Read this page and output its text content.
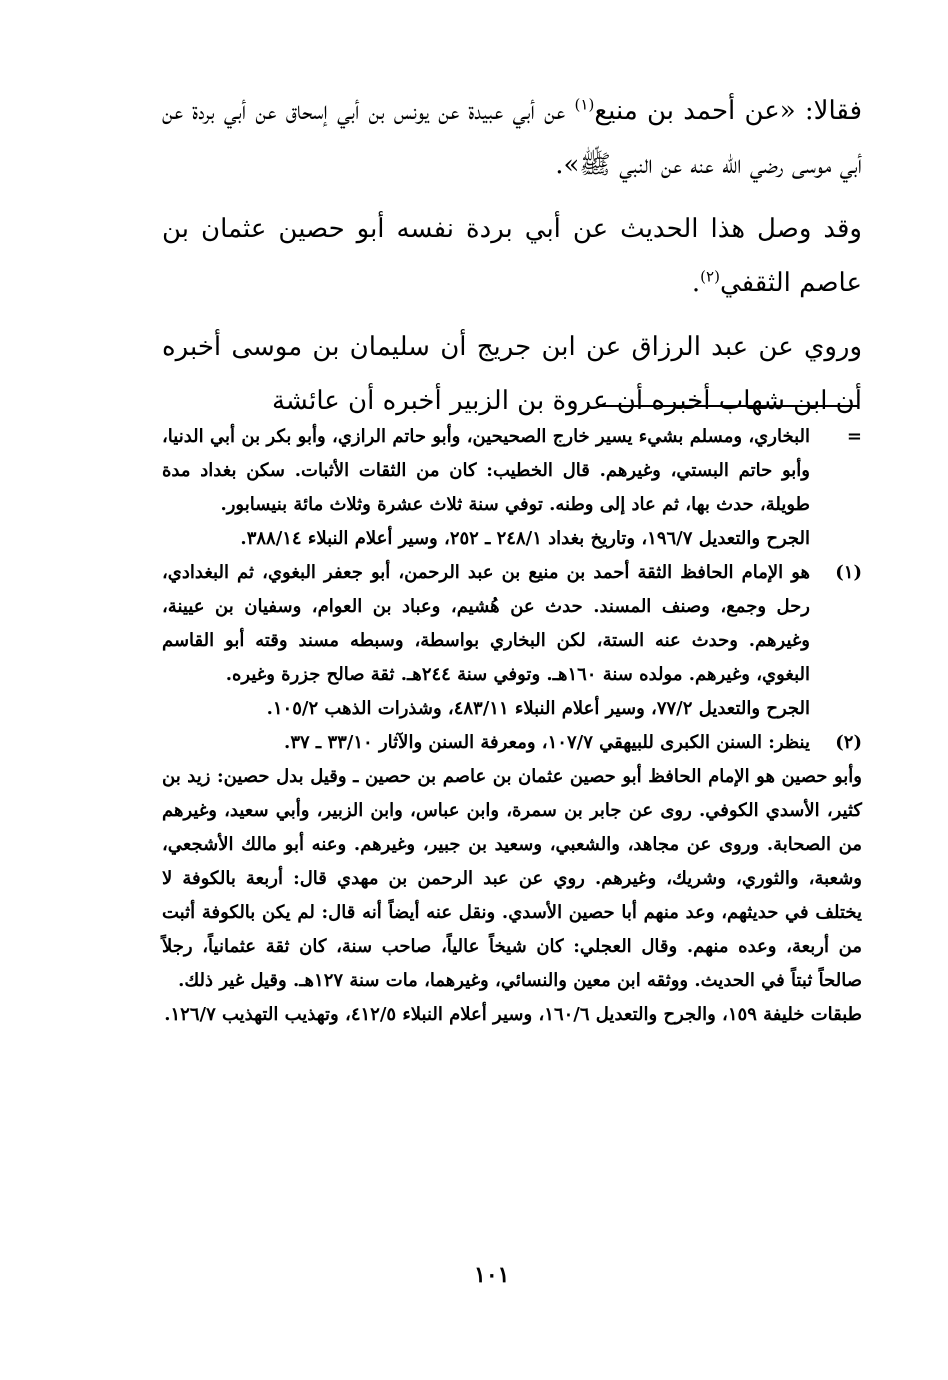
فقالا: «عن أحمد بن منيع$^{(١)}$ عن أبي عبيدة عن يونس بن أبي إسحاق عن أبي بردة عن أبي موسى رضي الله عنه عن النبي ﷺ».

وقد وصل هذا الحديث عن أبي بردة نفسه أبو حصين عثمان بن عاصم الثقفي$^{(٢)}$.

وروي عن عبد الرزاق عن ابن جريج أن سليمان بن موسى أخبره أن ابن شهاب أخبره أن عروة بن الزبير أخبره أن عائشة

=
البخاري، ومسلم بشيء يسير خارج الصحيحين، وأبو حاتم الرازي، وأبو بكر بن أبي الدنيا، وأبو حاتم البستي، وغيرهم. قال الخطيب: كان من الثقات الأثبات. سكن بغداد مدة طويلة، حدث بها، ثم عاد إلى وطنه. توفي سنة ثلاث عشرة وثلاث مائة بنيسابور.
الجرح والتعديل ١٩٦/٧، وتاريخ بغداد ٢٤٨/١ ـ ٢٥٢، وسير أعلام النبلاء ٣٨٨/١٤.
(١)
هو الإمام الحافظ الثقة أحمد بن منيع بن عبد الرحمن، أبو جعفر البغوي، ثم البغدادي، رحل وجمع، وصنف المسند. حدث عن هُشيم، وعباد بن العوام، وسفيان بن عيينة، وغيرهم. وحدث عنه الستة، لكن البخاري بواسطة، وسبطه مسند وقته أبو القاسم البغوي، وغيرهم. مولده سنة ١٦٠هـ. وتوفي سنة ٢٤٤هـ. ثقة صالح جزرة وغيره.
الجرح والتعديل ٧٧/٢، وسير أعلام النبلاء ٤٨٣/١١، وشذرات الذهب ١٠٥/٢.
(٢)
ينظر: السنن الكبرى للبيهقي ١٠٧/٧، ومعرفة السنن والآثار ٣٣/١٠ ـ ٣٧.
وأبو حصين هو الإمام الحافظ أبو حصين عثمان بن عاصم بن حصين ـ وقيل بدل حصين: زيد بن كثير، الأسدي الكوفي. روى عن جابر بن سمرة، وابن عباس، وابن الزبير، وأبي سعيد، وغيرهم من الصحابة. وروى عن مجاهد، والشعبي، وسعيد بن جبير، وغيرهم. وعنه أبو مالك الأشجعي، وشعبة، والثوري، وشريك، وغيرهم. روي عن عبد الرحمن بن مهدي قال: أربعة بالكوفة لا يختلف في حديثهم، وعد منهم أبا حصين الأسدي. ونقل عنه أيضاً أنه قال: لم يكن بالكوفة أثبت من أربعة، وعده منهم. وقال العجلي: كان شيخاً عالياً، صاحب سنة، كان ثقة عثمانياً، رجلاً صالحاً ثبتاً في الحديث. ووثقه ابن معين والنسائي، وغيرهما، مات سنة ١٢٧هـ. وقيل غير ذلك.
طبقات خليفة ١٥٩، والجرح والتعديل ١٦٠/٦، وسير أعلام النبلاء ٤١٢/٥، وتهذيب التهذيب ١٢٦/٧.
١٠١
